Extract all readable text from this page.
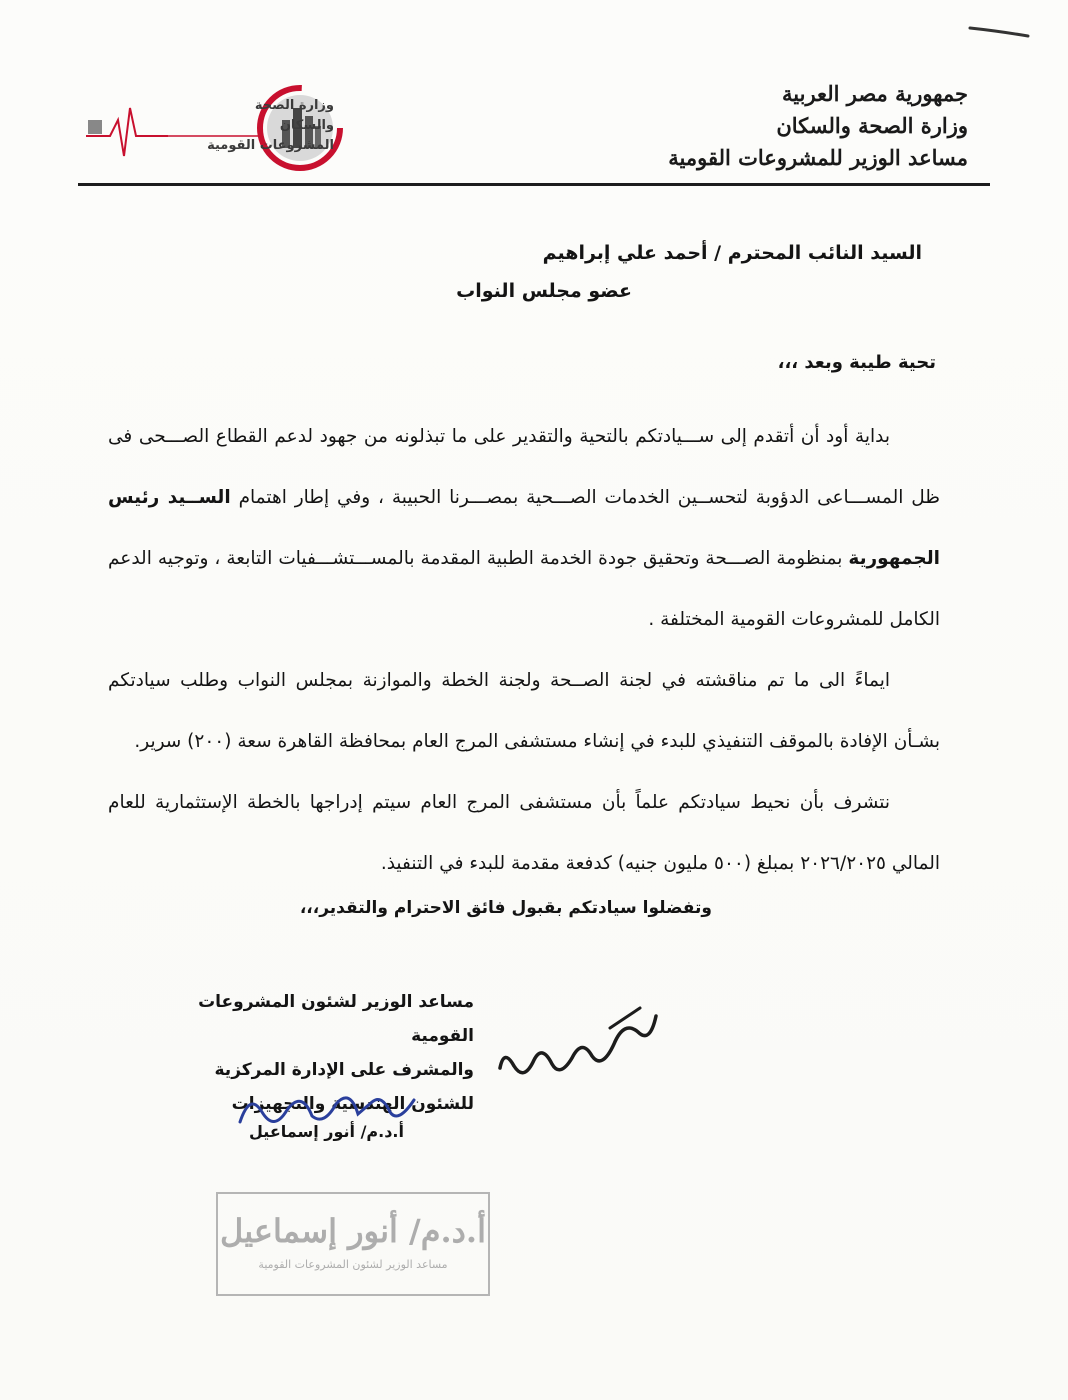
جمهورية مصر العربية
وزارة الصحة والسكان
مساعد الوزير للمشروعات القومية
وزارة الصحة والسكان
المشروعات القومية
السيد النائب المحترم / أحمد علي إبراهيم
عضو مجلس النواب
تحية طيبة وبعد ،،،

بداية أود أن أتقدم إلى ســـيادتكم بالتحية والتقدير على ما تبذلونه من جهود لدعم القطاع الصـــحى فى ظل المســـاعى الدؤوبة لتحســين الخدمات الصـــحية بمصـــرنا الحبيبة ، وفي إطار اهتمام الســيد رئيس الجمهورية بمنظومة الصـــحة وتحقيق جودة الخدمة الطبية المقدمة بالمســـتشـــفيات التابعة ، وتوجيه الدعم الكامل للمشروعات القومية المختلفة .

ايماءً الى ما تم مناقشته في لجنة الصــحة ولجنة الخطة والموازنة بمجلس النواب وطلب سيادتكم بشـأن الإفادة بالموقف التنفيذي للبدء في إنشاء مستشفى المرج العام بمحافظة القاهرة سعة (٢٠٠) سرير.

نتشرف بأن نحيط سيادتكم علماً بأن مستشفى المرج العام سيتم إدراجها بالخطة الإستثمارية للعام المالي ٢٠٢٦/٢٠٢٥ بمبلغ (٥٠٠ مليون جنيه) كدفعة مقدمة للبدء في التنفيذ.

وتفضلوا سيادتكم بقبول فائق الاحترام والتقدير،،،
مساعد الوزير لشئون المشروعات القومية
والمشرف على الإدارة المركزية
للشئون الهندسية والتجهيزات
أ.د.م/ أنور إسماعيل
أ.د.م/ أنور إسماعيل
مساعد الوزير لشئون المشروعات القومية
